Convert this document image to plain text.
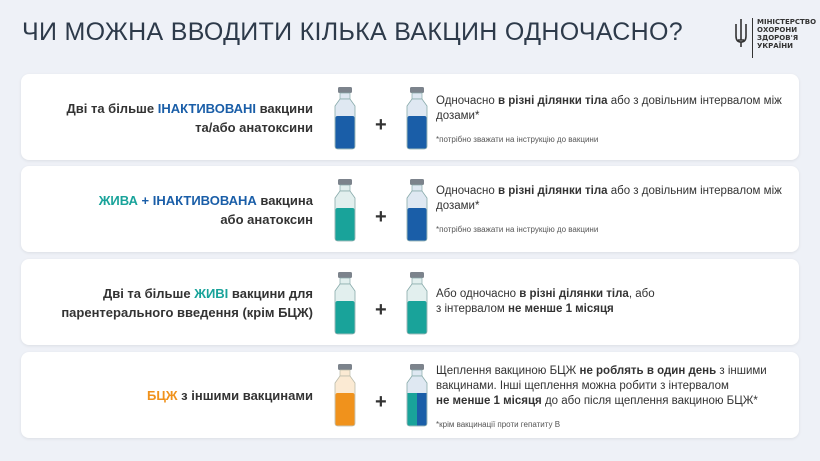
ЧИ МОЖНА ВВОДИТИ КІЛЬКА ВАКЦИН ОДНОЧАСНО?	МІНІСТЕРСТВО
ОХОРОНИ
ЗДОРОВ'Я
УКРАЇНИ
Дві та більше ІНАКТИВОВАНІ вакцини
та/або анатоксини	+
Одночасно в різні ділянки тіла або з довільним інтервалом між дозами*
*потрібно зважати на інструкцію до вакцини
ЖИВА + ІНАКТИВОВАНА вакцина
або анатоксин	+
Одночасно в різні ділянки тіла або з довільним інтервалом між дозами*
*потрібно зважати на інструкцію до вакцини
Дві та більше ЖИВІ вакцини для
парентерального введення (крім БЦЖ)	+
Або одночасно в різні ділянки тіла, або
з інтервалом не менше 1 місяця
БЦЖ з іншими вакцинами	+
Щеплення вакциною БЦЖ не роблять в один день з іншими вакцинами. Інші щеплення можна робити з інтервалом
не менше 1 місяця до або після щеплення вакциною БЦЖ*
*крім вакцинації проти гепатиту В
